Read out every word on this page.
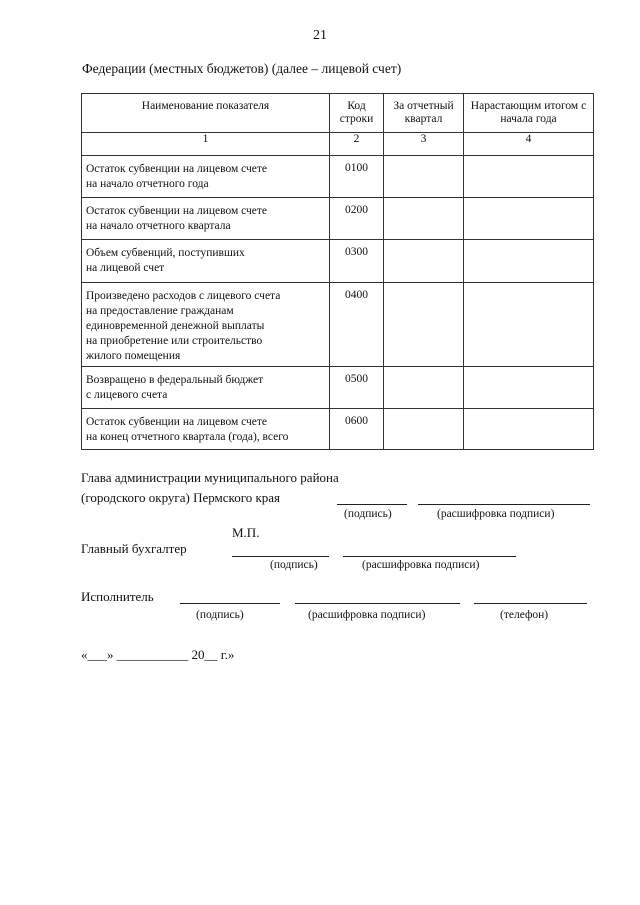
21
Федерации (местных бюджетов) (далее – лицевой счет)
Наименование показателя	Код строки	За отчетный квартал	Нарастающим итогом с начала года
1	2	3	4
Остаток субвенции на лицевом счете
на начало отчетного года	0100		
Остаток субвенции на лицевом счете
на начало отчетного квартала	0200		
Объем субвенций, поступивших
на лицевой счет	0300		
Произведено расходов с лицевого счета
на предоставление гражданам
единовременной денежной выплаты
на приобретение или строительство
жилого помещения	0400		
Возвращено в федеральный бюджет
с лицевого счета	0500		
Остаток субвенции на лицевом счете
на конец отчетного квартала (года), всего	0600		
Глава администрации муниципального района
(городского округа) Пермского края
(подпись)	(расшифровка подписи)
М.П.
Главный бухгалтер
(подпись)	(расшифровка подписи)
Исполнитель
(подпись)	(расшифровка подписи)	(телефон)
«___» ___________ 20__ г.»
